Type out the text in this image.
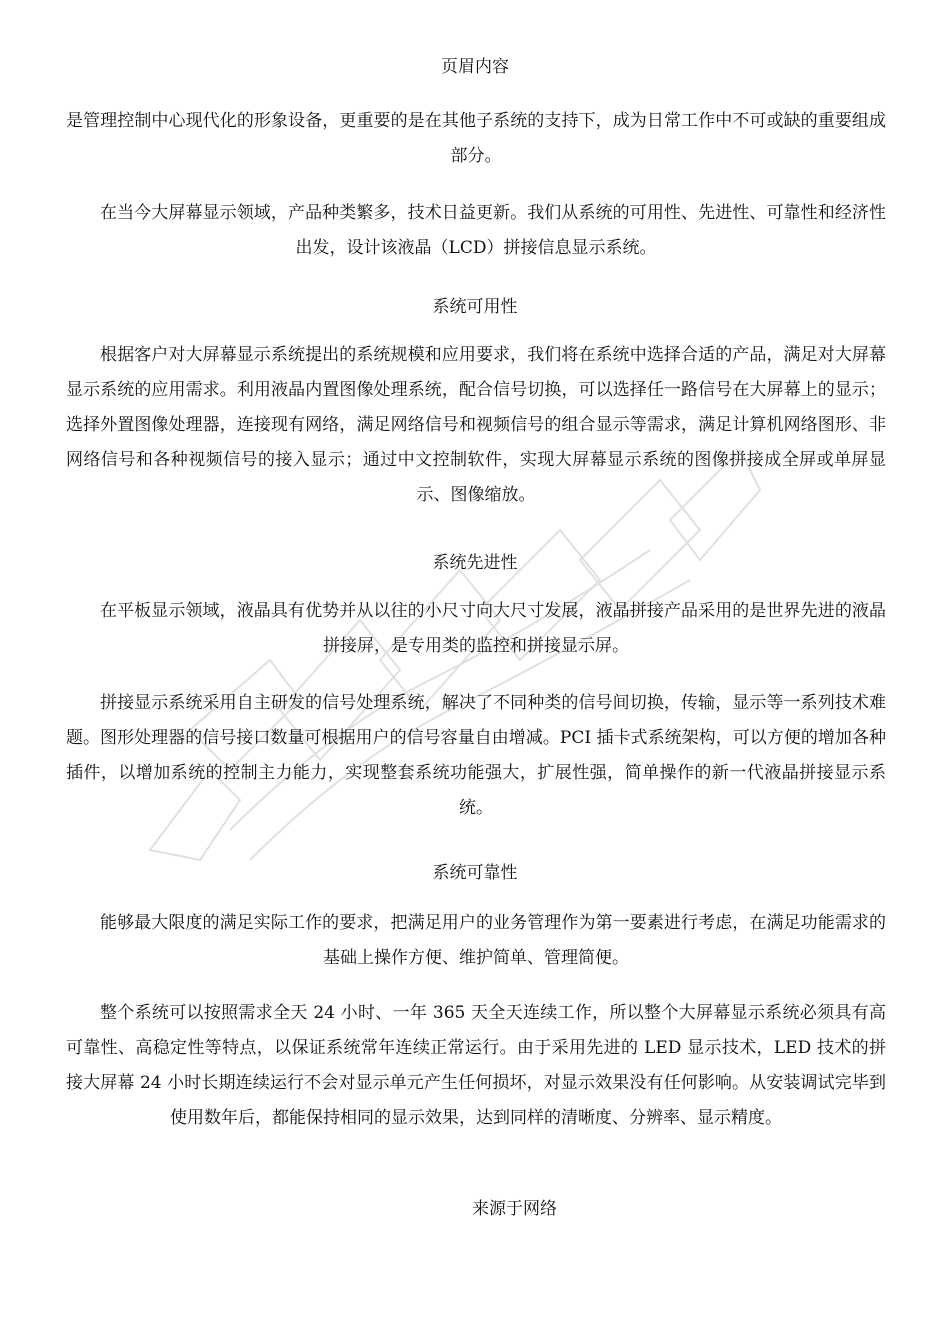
页眉内容
是管理控制中心现代化的形象设备，更重要的是在其他子系统的支持下，成为日常工作中不可或缺的重要组成部分。
在当今大屏幕显示领域，产品种类繁多，技术日益更新。我们从系统的可用性、先进性、可靠性和经济性出发，设计该液晶（LCD）拼接信息显示系统。
系统可用性
根据客户对大屏幕显示系统提出的系统规模和应用要求，我们将在系统中选择合适的产品，满足对大屏幕显示系统的应用需求。利用液晶内置图像处理系统，配合信号切换，可以选择任一路信号在大屏幕上的显示；选择外置图像处理器，连接现有网络，满足网络信号和视频信号的组合显示等需求，满足计算机网络图形、非网络信号和各种视频信号的接入显示；通过中文控制软件，实现大屏幕显示系统的图像拼接成全屏或单屏显示、图像缩放。
系统先进性
在平板显示领域，液晶具有优势并从以往的小尺寸向大尺寸发展，液晶拼接产品采用的是世界先进的液晶拼接屏，是专用类的监控和拼接显示屏。
拼接显示系统采用自主研发的信号处理系统，解决了不同种类的信号间切换，传输，显示等一系列技术难题。图形处理器的信号接口数量可根据用户的信号容量自由增减。PCI 插卡式系统架构，可以方便的增加各种插件，以增加系统的控制主力能力，实现整套系统功能强大，扩展性强，简单操作的新一代液晶拼接显示系统。
系统可靠性
能够最大限度的满足实际工作的要求，把满足用户的业务管理作为第一要素进行考虑，在满足功能需求的基础上操作方便、维护简单、管理简便。
整个系统可以按照需求全天 24 小时、一年 365 天全天连续工作，所以整个大屏幕显示系统必须具有高可靠性、高稳定性等特点，以保证系统常年连续正常运行。由于采用先进的 LED 显示技术，LED 技术的拼接大屏幕 24 小时长期连续运行不会对显示单元产生任何损坏，对显示效果没有任何影响。从安装调试完毕到使用数年后，都能保持相同的显示效果，达到同样的清晰度、分辨率、显示精度。
来源于网络
